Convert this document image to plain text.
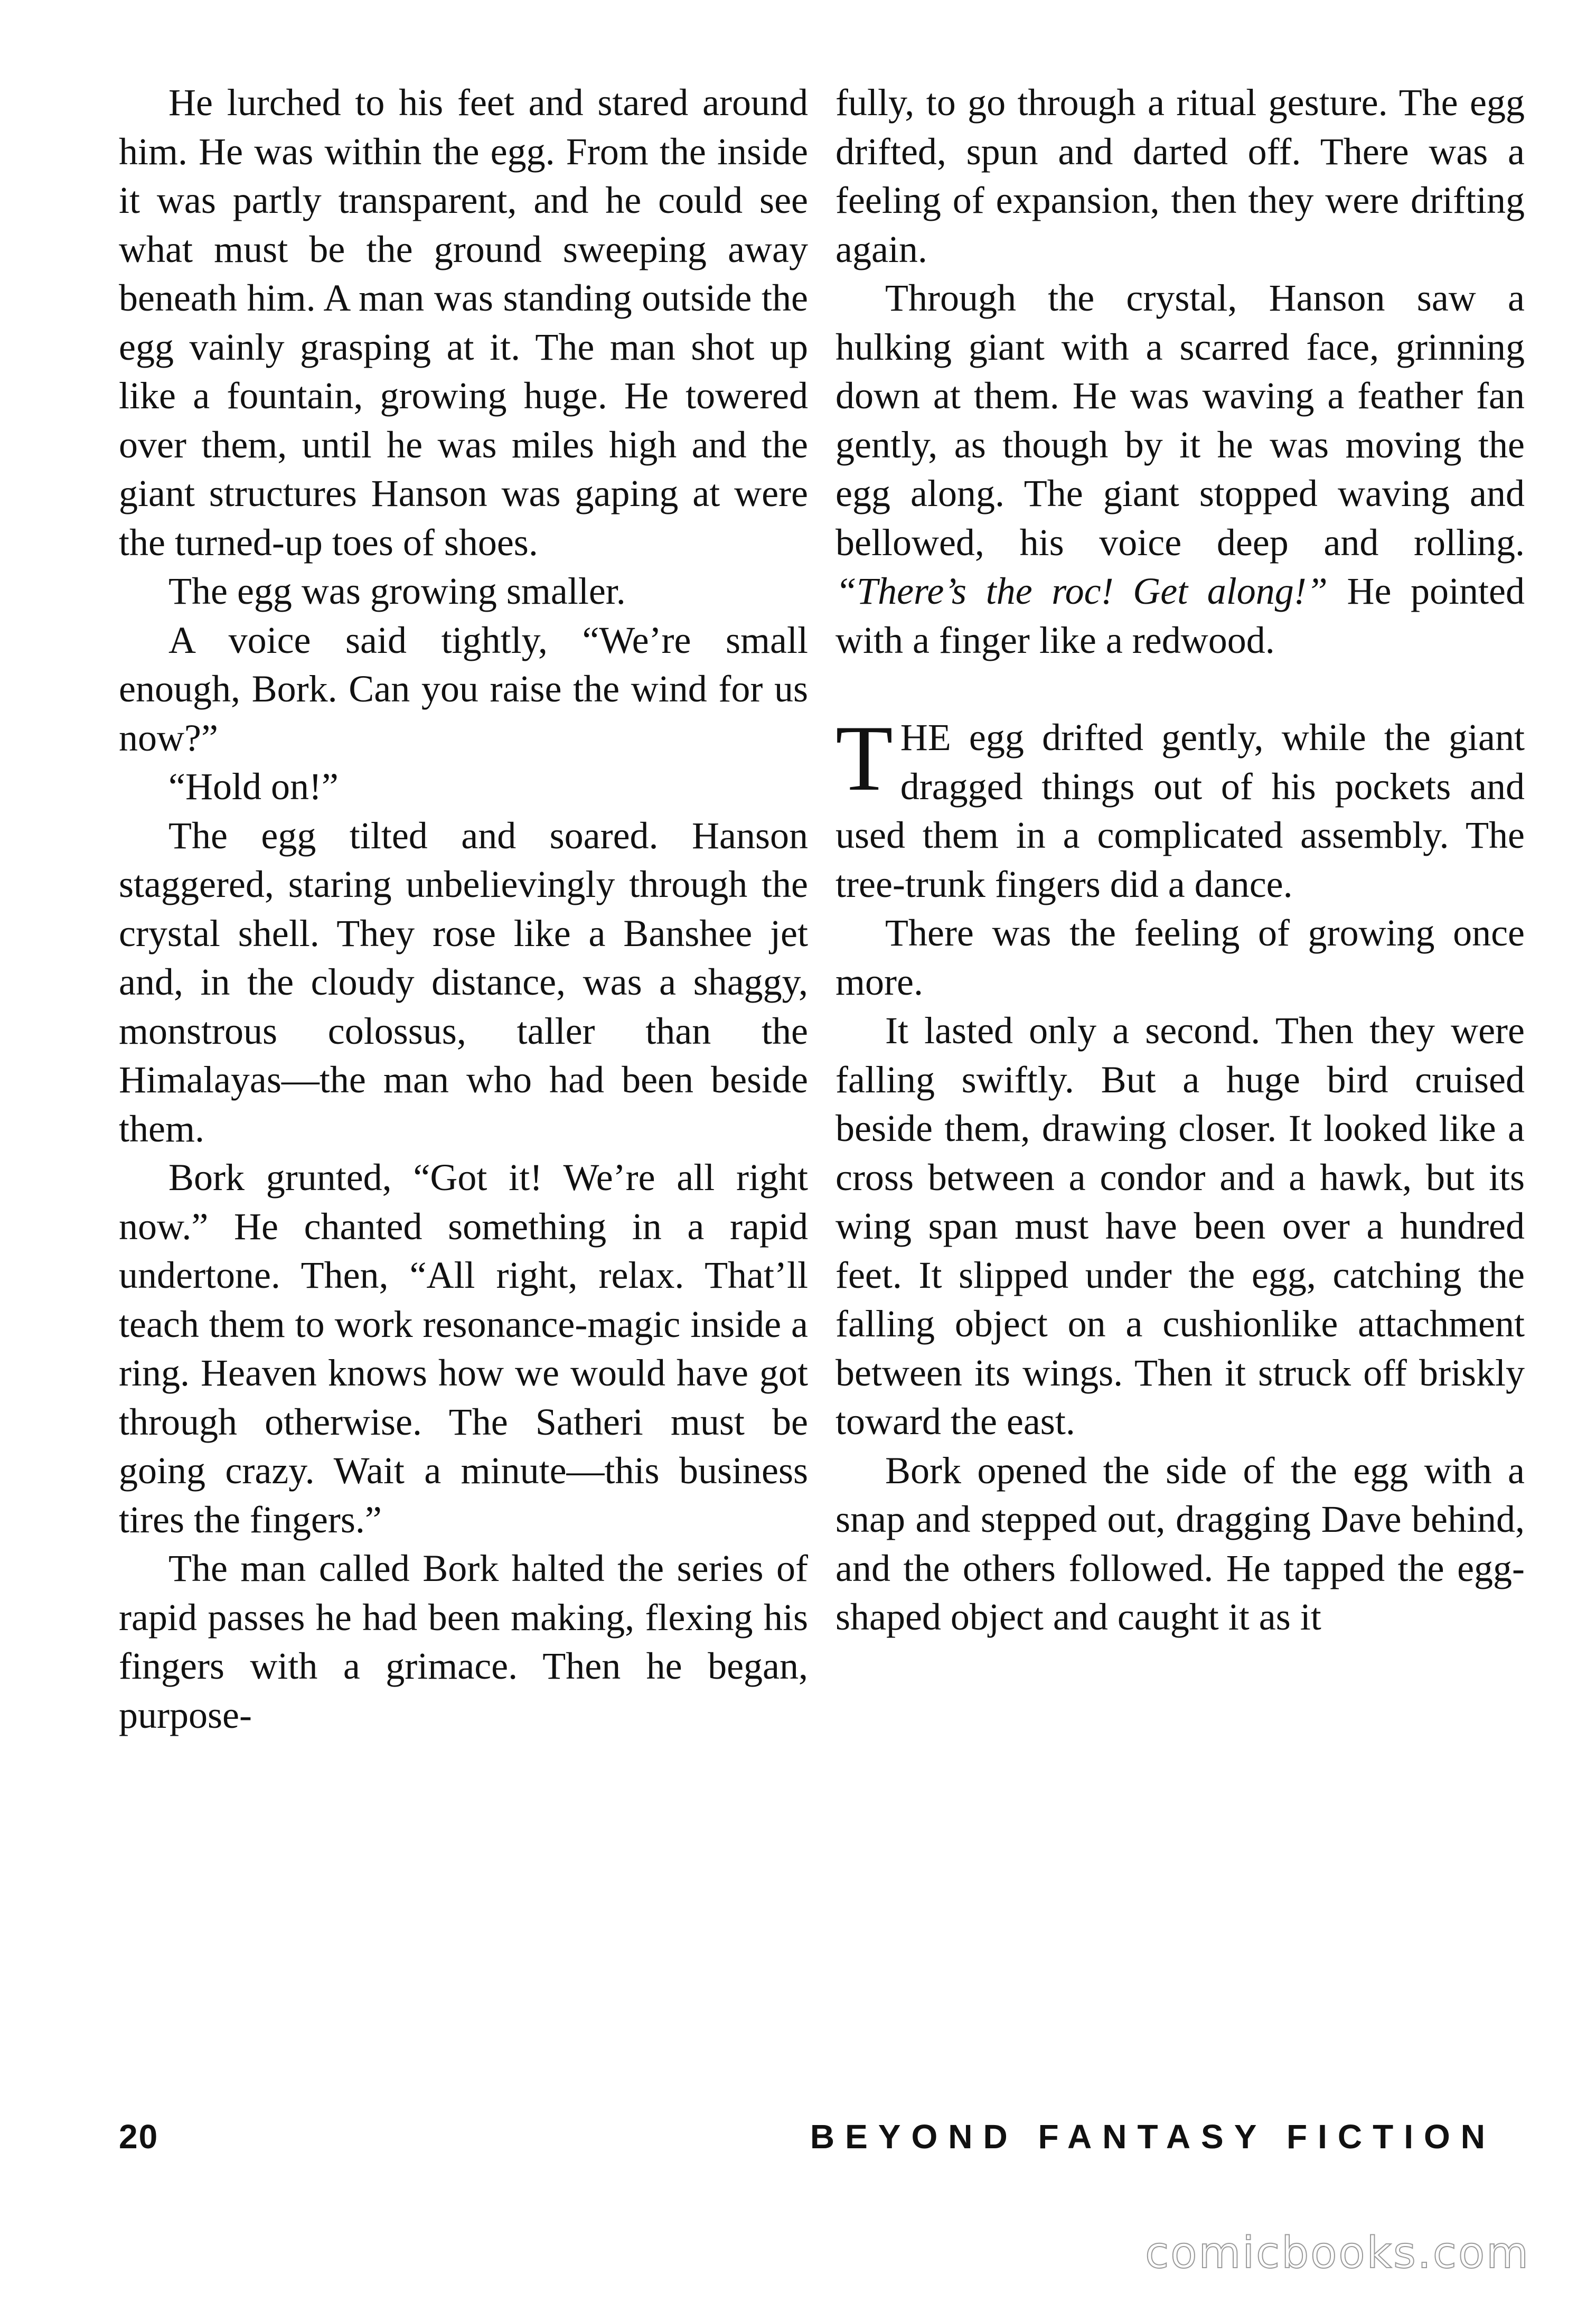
He lurched to his feet and stared around him. He was within the egg. From the inside it was partly transparent, and he could see what must be the ground sweeping away beneath him. A man was standing outside the egg vainly grasping at it. The man shot up like a fountain, growing huge. He towered over them, until he was miles high and the giant structures Hanson was gaping at were the turned-up toes of shoes.

The egg was growing smaller.

A voice said tightly, “We’re small enough, Bork. Can you raise the wind for us now?”

“Hold on!”

The egg tilted and soared. Hanson staggered, staring unbelievingly through the crystal shell. They rose like a Banshee jet and, in the cloudy distance, was a shaggy, monstrous colossus, taller than the Himalayas—the man who had been beside them.

Bork grunted, “Got it! We’re all right now.” He chanted something in a rapid undertone. Then, “All right, relax. That’ll teach them to work resonance-magic inside a ring. Heaven knows how we would have got through otherwise. The Satheri must be going crazy. Wait a minute—this business tires the fingers.”

The man called Bork halted the series of rapid passes he had been making, flexing his fingers with a grimace. Then he began, purpose-

fully, to go through a ritual gesture. The egg drifted, spun and darted off. There was a feeling of expansion, then they were drifting again.

Through the crystal, Hanson saw a hulking giant with a scarred face, grinning down at them. He was waving a feather fan gently, as though by it he was moving the egg along. The giant stopped waving and bellowed, his voice deep and rolling. “There’s the roc! Get along!” He pointed with a finger like a redwood.

THE egg drifted gently, while the giant dragged things out of his pockets and used them in a complicated assembly. The tree-trunk fingers did a dance.

There was the feeling of growing once more.

It lasted only a second. Then they were falling swiftly. But a huge bird cruised beside them, drawing closer. It looked like a cross between a condor and a hawk, but its wing span must have been over a hundred feet. It slipped under the egg, catching the falling object on a cushionlike attachment between its wings. Then it struck off briskly toward the east.

Bork opened the side of the egg with a snap and stepped out, dragging Dave behind, and the others followed. He tapped the egg-shaped object and caught it as it

20	BEYOND FANTASY FICTION
comicbooks.com
